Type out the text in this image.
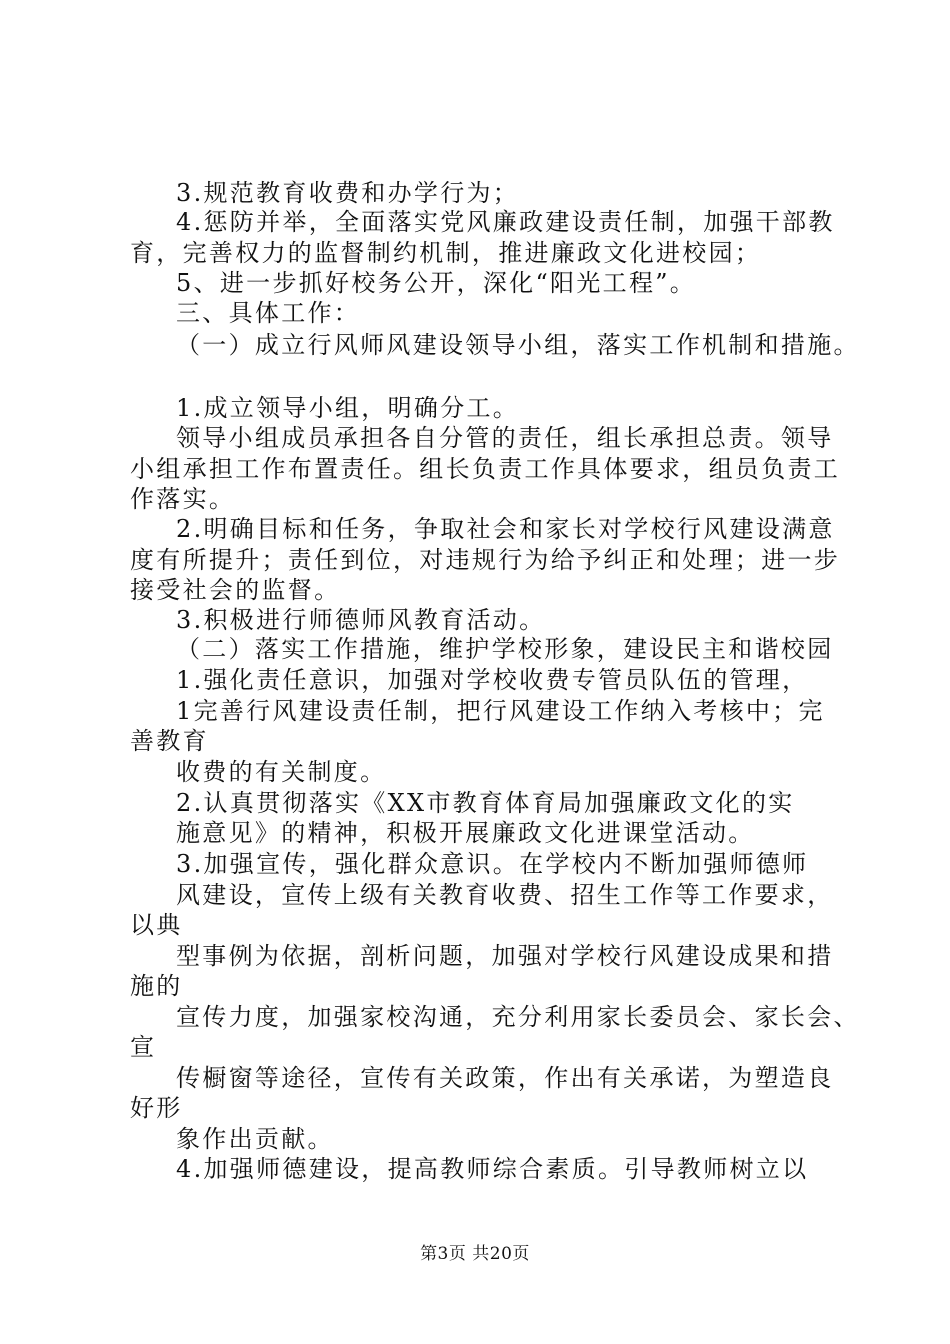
3.规范教育收费和办学行为；
4.惩防并举，全面落实党风廉政建设责任制，加强干部教
育，完善权力的监督制约机制，推进廉政文化进校园；
5、进一步抓好校务公开，深化“阳光工程”。
三、具体工作：
（一）成立行风师风建设领导小组，落实工作机制和措施。
1.成立领导小组，明确分工。
领导小组成员承担各自分管的责任，组长承担总责。领导
小组承担工作布置责任。组长负责工作具体要求，组员负责工
作落实。
2.明确目标和任务，争取社会和家长对学校行风建设满意
度有所提升；责任到位，对违规行为给予纠正和处理；进一步
接受社会的监督。
3.积极进行师德师风教育活动。
（二）落实工作措施，维护学校形象，建设民主和谐校园
1.强化责任意识，加强对学校收费专管员队伍的管理，
1完善行风建设责任制，把行风建设工作纳入考核中；完
善教育
收费的有关制度。
2.认真贯彻落实《XX市教育体育局加强廉政文化的实
施意见》的精神，积极开展廉政文化进课堂活动。
3.加强宣传，强化群众意识。在学校内不断加强师德师
风建设，宣传上级有关教育收费、招生工作等工作要求，
以典
型事例为依据，剖析问题，加强对学校行风建设成果和措
施的
宣传力度，加强家校沟通，充分利用家长委员会、家长会、
宣
传橱窗等途径，宣传有关政策，作出有关承诺，为塑造良
好形
象作出贡献。
4.加强师德建设，提高教师综合素质。引导教师树立以
第3页 共20页
